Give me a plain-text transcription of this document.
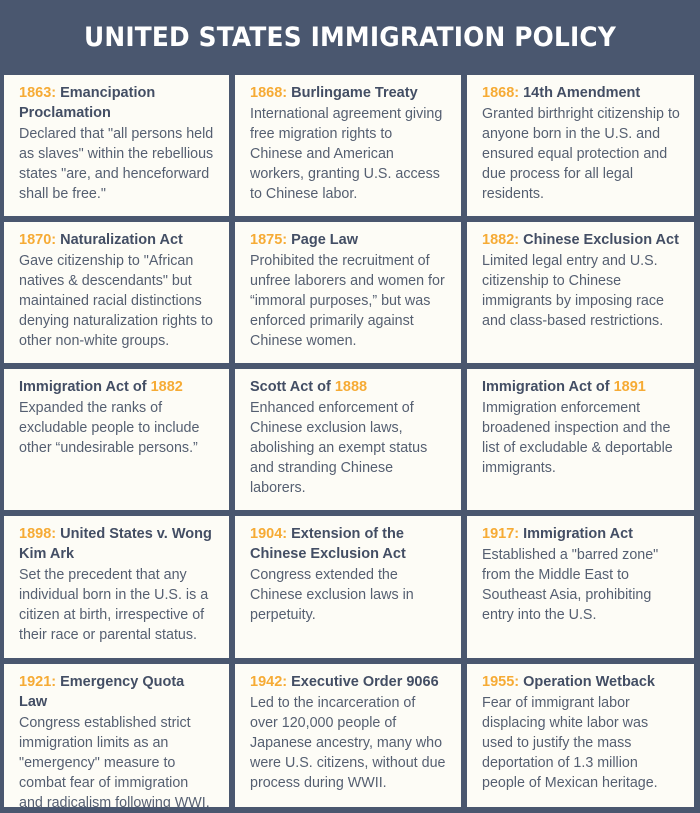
UNITED STATES IMMIGRATION POLICY
1863: Emancipation Proclamation
Declared that "all persons held as slaves" within the rebellious states "are, and henceforward shall be free."
1868: Burlingame Treaty
International agreement giving free migration rights to Chinese and American workers, granting U.S. access to Chinese labor.
1868: 14th Amendment
Granted birthright citizenship to anyone born in the U.S. and ensured equal protection and due process for all legal residents.
1870: Naturalization Act
Gave citizenship to "African natives & descendants" but maintained racial distinctions denying naturalization rights to other non-white groups.
1875: Page Law
Prohibited the recruitment of unfree laborers and women for “immoral purposes,” but was enforced primarily against Chinese women.
1882: Chinese Exclusion Act
Limited legal entry and U.S. citizenship to Chinese immigrants by imposing race and class-based restrictions.
Immigration Act of 1882
Expanded the ranks of excludable people to include other “undesirable persons.”
Scott Act of 1888
Enhanced enforcement of Chinese exclusion laws, abolishing an exempt status and stranding Chinese laborers.
Immigration Act of 1891
Immigration enforcement broadened inspection and the list of excludable & deportable immigrants.
1898: United States v. Wong Kim Ark
Set the precedent that any individual born in the U.S. is a citizen at birth, irrespective of their race or parental status.
1904: Extension of the Chinese Exclusion Act
Congress extended the Chinese exclusion laws in perpetuity.
1917: Immigration Act
Established a "barred zone" from the Middle East to Southeast Asia, prohibiting entry into the U.S.
1921: Emergency Quota Law
Congress established strict immigration limits as an "emergency" measure to combat fear of immigration and radicalism following WWI.
1942: Executive Order 9066
Led to the incarceration of over 120,000 people of Japanese ancestry, many who were U.S. citizens, without due process during WWII.
1955: Operation Wetback
Fear of immigrant labor displacing white labor was used to justify the mass deportation of 1.3 million people of Mexican heritage.
